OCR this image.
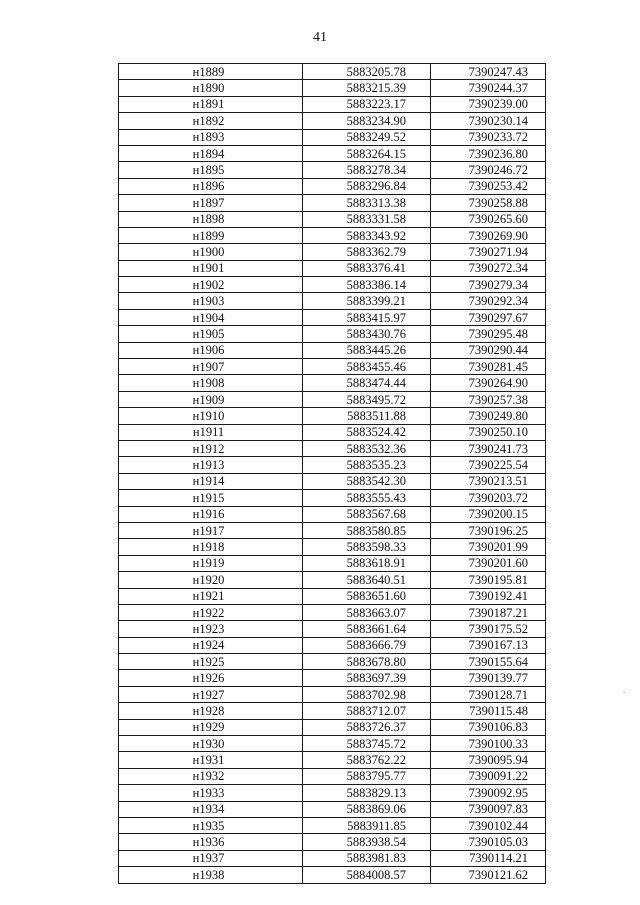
41
н1889	5883205.78	7390247.43
н1890	5883215.39	7390244.37
н1891	5883223.17	7390239.00
н1892	5883234.90	7390230.14
н1893	5883249.52	7390233.72
н1894	5883264.15	7390236.80
н1895	5883278.34	7390246.72
н1896	5883296.84	7390253.42
н1897	5883313.38	7390258.88
н1898	5883331.58	7390265.60
н1899	5883343.92	7390269.90
н1900	5883362.79	7390271.94
н1901	5883376.41	7390272.34
н1902	5883386.14	7390279.34
н1903	5883399.21	7390292.34
н1904	5883415.97	7390297.67
н1905	5883430.76	7390295.48
н1906	5883445.26	7390290.44
н1907	5883455.46	7390281.45
н1908	5883474.44	7390264.90
н1909	5883495.72	7390257.38
н1910	5883511.88	7390249.80
н1911	5883524.42	7390250.10
н1912	5883532.36	7390241.73
н1913	5883535.23	7390225.54
н1914	5883542.30	7390213.51
н1915	5883555.43	7390203.72
н1916	5883567.68	7390200.15
н1917	5883580.85	7390196.25
н1918	5883598.33	7390201.99
н1919	5883618.91	7390201.60
н1920	5883640.51	7390195.81
н1921	5883651.60	7390192.41
н1922	5883663.07	7390187.21
н1923	5883661.64	7390175.52
н1924	5883666.79	7390167.13
н1925	5883678.80	7390155.64
н1926	5883697.39	7390139.77
н1927	5883702.98	7390128.71
н1928	5883712.07	7390115.48
н1929	5883726.37	7390106.83
н1930	5883745.72	7390100.33
н1931	5883762.22	7390095.94
н1932	5883795.77	7390091.22
н1933	5883829.13	7390092.95
н1934	5883869.06	7390097.83
н1935	5883911.85	7390102.44
н1936	5883938.54	7390105.03
н1937	5883981.83	7390114.21
н1938	5884008.57	7390121.62
.
